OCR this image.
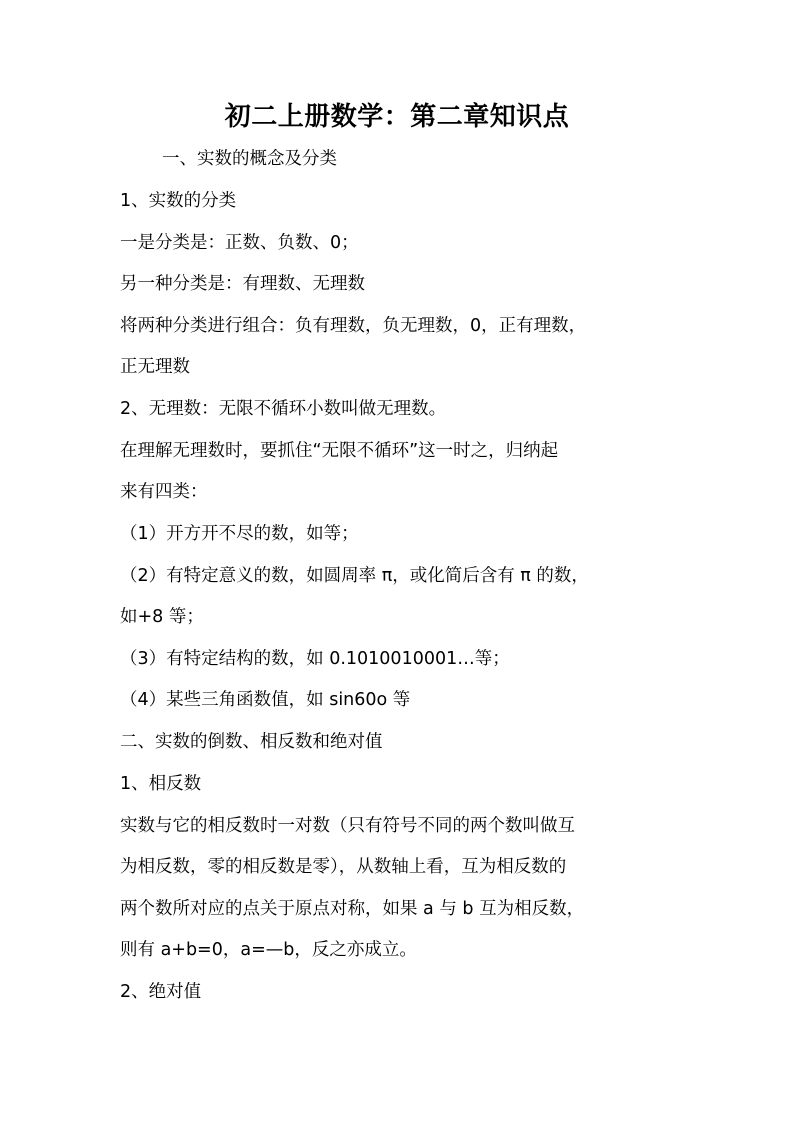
初二上册数学：第二章知识点

一、实数的概念及分类

1、实数的分类

一是分类是：正数、负数、0；

另一种分类是：有理数、无理数

将两种分类进行组合：负有理数，负无理数，0，正有理数，

正无理数

2、无理数：无限不循环小数叫做无理数。

在理解无理数时，要抓住“无限不循环”这一时之，归纳起

来有四类：

（1）开方开不尽的数，如等；

（2）有特定意义的数，如圆周率 π，或化简后含有 π 的数，

如+8 等；

（3）有特定结构的数，如 0.1010010001…等；

（4）某些三角函数值，如 sin60o 等

二、实数的倒数、相反数和绝对值

1、相反数

实数与它的相反数时一对数（只有符号不同的两个数叫做互

为相反数，零的相反数是零），从数轴上看，互为相反数的

两个数所对应的点关于原点对称，如果 a 与 b 互为相反数，

则有 a+b=0，a=—b，反之亦成立。

2、绝对值
